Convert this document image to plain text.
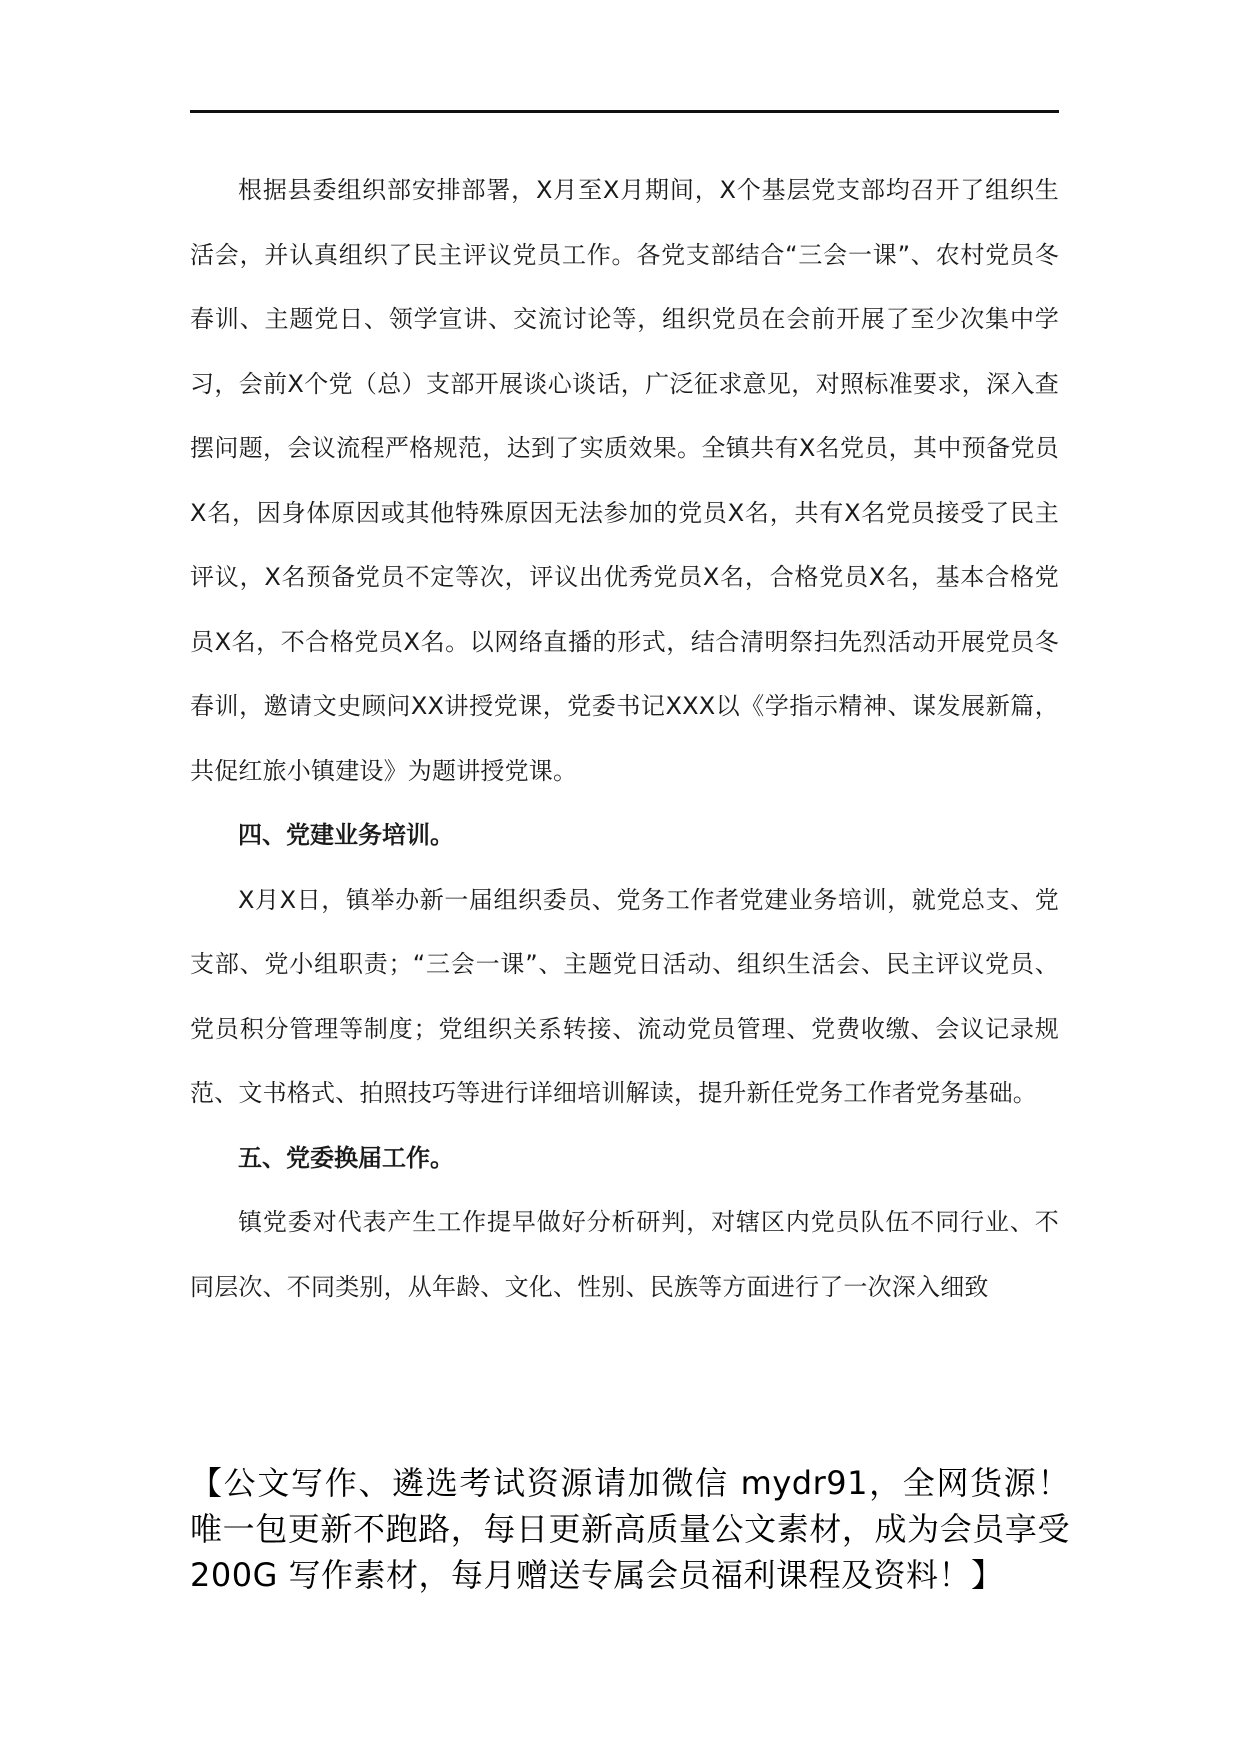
根据县委组织部安排部署，X月至X月期间，X个基层党支部均召开了组织生活会，并认真组织了民主评议党员工作。各党支部结合“三会一课”、农村党员冬春训、主题党日、领学宣讲、交流讨论等，组织党员在会前开展了至少次集中学习，会前X个党（总）支部开展谈心谈话，广泛征求意见，对照标准要求，深入查摆问题，会议流程严格规范，达到了实质效果。全镇共有X名党员，其中预备党员X名，因身体原因或其他特殊原因无法参加的党员X名，共有X名党员接受了民主评议，X名预备党员不定等次，评议出优秀党员X名，合格党员X名，基本合格党员X名，不合格党员X名。以网络直播的形式，结合清明祭扫先烈活动开展党员冬春训，邀请文史顾问XX讲授党课，党委书记XXX以《学指示精神、谋发展新篇，共促红旅小镇建设》为题讲授党课。

四、党建业务培训。

X月X日，镇举办新一届组织委员、党务工作者党建业务培训，就党总支、党支部、党小组职责；“三会一课”、主题党日活动、组织生活会、民主评议党员、党员积分管理等制度；党组织关系转接、流动党员管理、党费收缴、会议记录规范、文书格式、拍照技巧等进行详细培训解读，提升新任党务工作者党务基础。

五、党委换届工作。

镇党委对代表产生工作提早做好分析研判，对辖区内党员队伍不同行业、不同层次、不同类别，从年龄、文化、性别、民族等方面进行了一次深入细致

【公文写作、遴选考试资源请加微信 mydr91，全网货源！唯一包更新不跑路，每日更新高质量公文素材，成为会员享受 200G 写作素材，每月赠送专属会员福利课程及资料！】
